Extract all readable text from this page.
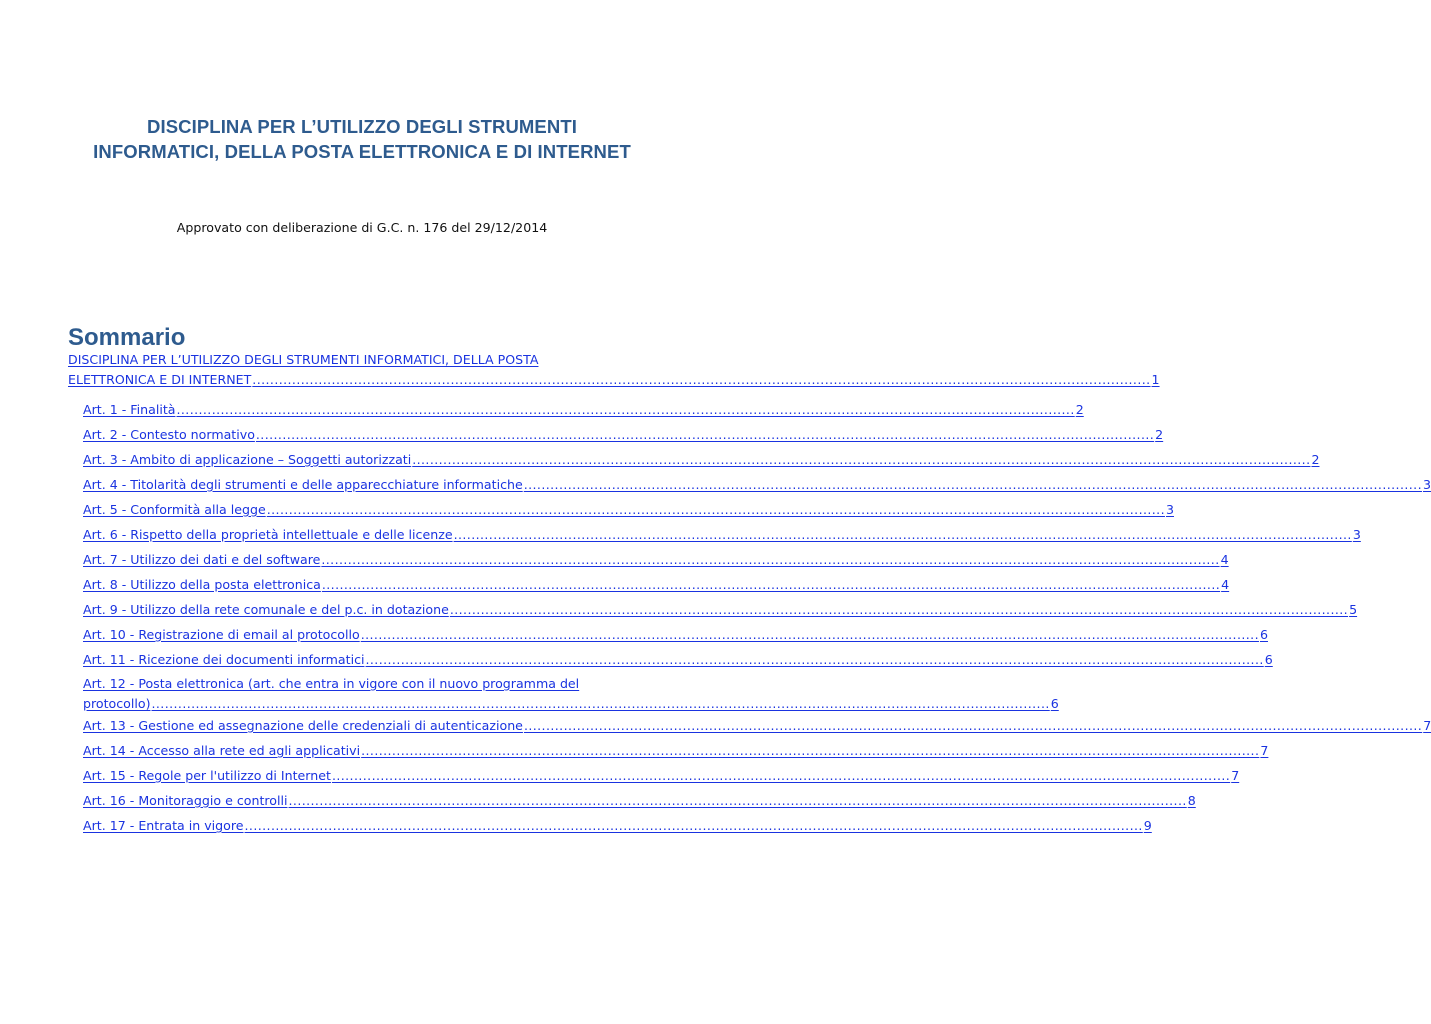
DISCIPLINA PER L’UTILIZZO DEGLI STRUMENTI
INFORMATICI, DELLA POSTA ELETTRONICA E DI INTERNET
Approvato con deliberazione di G.C. n. 176 del 29/12/2014
Sommario
DISCIPLINA PER L’UTILIZZO DEGLI STRUMENTI INFORMATICI, DELLA POSTA
ELETTRONICA E DI INTERNET ............................................................................................................................................................................................................ 1
Art. 1 - Finalità ............................................................................................................................................................................................................ 2
Art. 2 - Contesto normativo ............................................................................................................................................................................................................ 2
Art. 3 - Ambito di applicazione – Soggetti autorizzati ............................................................................................................................................................................................................ 2
Art. 4 - Titolarità degli strumenti e delle apparecchiature informatiche ............................................................................................................................................................................................................ 3
Art. 5 - Conformità alla legge ............................................................................................................................................................................................................ 3
Art. 6 - Rispetto della proprietà intellettuale e delle licenze ............................................................................................................................................................................................................ 3
Art. 7 - Utilizzo dei dati e del software ............................................................................................................................................................................................................ 4
Art. 8 - Utilizzo della posta elettronica ............................................................................................................................................................................................................ 4
Art. 9 - Utilizzo della rete comunale e del p.c. in dotazione ............................................................................................................................................................................................................ 5
Art. 10 - Registrazione di email al protocollo ............................................................................................................................................................................................................ 6
Art. 11 - Ricezione dei documenti informatici ............................................................................................................................................................................................................ 6
Art. 12 - Posta elettronica (art. che entra in vigore con il nuovo programma del
protocollo) ............................................................................................................................................................................................................ 6
Art. 13 - Gestione ed assegnazione delle credenziali di autenticazione ............................................................................................................................................................................................................ 7
Art. 14 - Accesso alla rete ed agli applicativi ............................................................................................................................................................................................................ 7
Art. 15 - Regole per l'utilizzo di Internet ............................................................................................................................................................................................................ 7
Art. 16 - Monitoraggio e controlli ............................................................................................................................................................................................................ 8
Art. 17 - Entrata in vigore ............................................................................................................................................................................................................ 9
